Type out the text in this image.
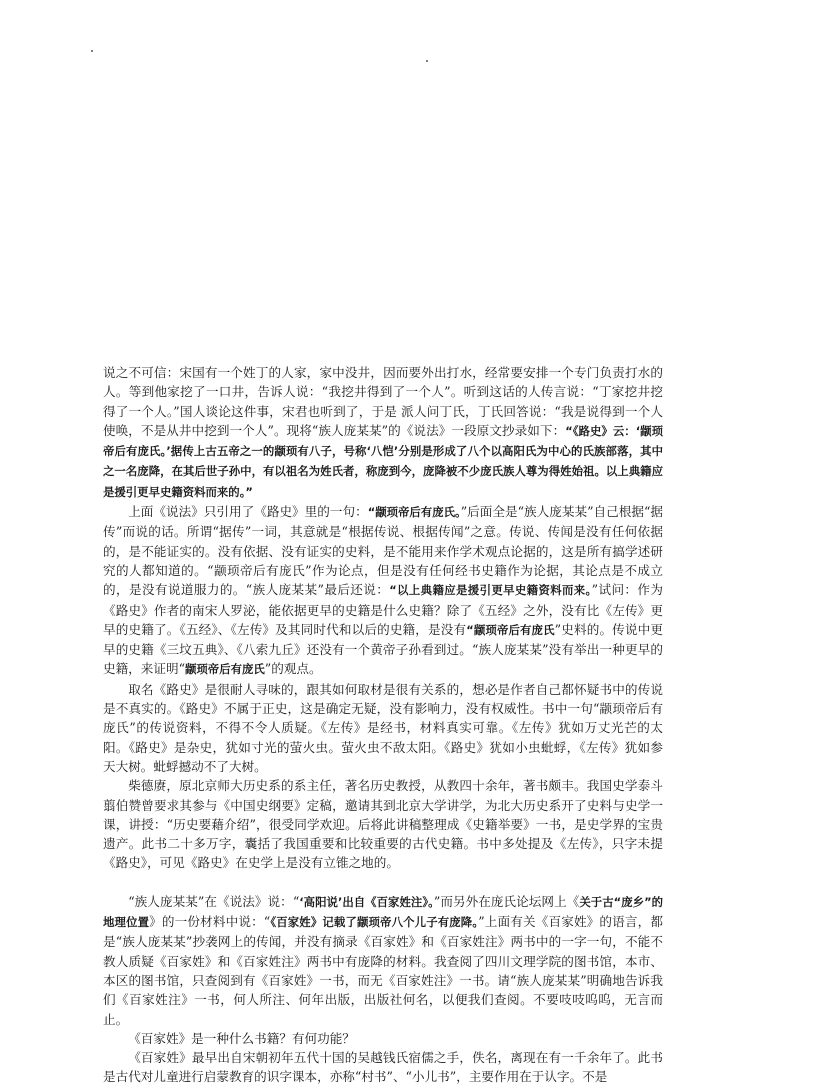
说之不可信：宋国有一个姓丁的人家，家中没井，因而要外出打水，经常要安排一个专门负责打水的人。等到他家挖了一口井，告诉人说：“我挖井得到了一个人”。听到这话的人传言说：“丁家挖井挖得了一个人。”国人谈论这件事，宋君也听到了，于是 派人问丁氏，丁氏回答说：“我是说得到一个人使唤，不是从井中挖到一个人”。现将“族人庞某某”的《说法》一段原文抄录如下：“《路史》云：‘颛顼帝后有庞氏。’据传上古五帝之一的颛顼有八子，号称‘八恺’分别是形成了八个以高阳氏为中心的氏族部落，其中之一名庞降，在其后世子孙中，有以祖名为姓氏者，称庞到今，庞降被不少庞氏族人尊为得姓始祖。以上典籍应是援引更早史籍资料而来的。”

上面《说法》只引用了《路史》里的一句：“颛顼帝后有庞氏。”后面全是“族人庞某某”自己根据“据传”而说的话。所谓“据传”一词，其意就是“根据传说、根据传闻”之意。传说、传闻是没有任何依据的，是不能证实的。没有依据、没有证实的史料，是不能用来作学术观点论据的，这是所有搞学述研究的人都知道的。“颛顼帝后有庞氏”作为论点，但是没有任何经书史籍作为论据，其论点是不成立的，是没有说道服力的。“族人庞某某”最后还说：“以上典籍应是援引更早史籍资料而来。”试问：作为《路史》作者的南宋人罗泌，能依据更早的史籍是什么史籍？除了《五经》之外，没有比《左传》更早的史籍了。《五经》、《左传》及其同时代和以后的史籍，是没有“颛顼帝后有庞氏”史料的。传说中更早的史籍《三坟五典》、《八索九丘》还没有一个黄帝子孙看到过。“族人庞某某”没有举出一种更早的史籍，来证明“颛顼帝后有庞氏”的观点。

取名《路史》是很耐人寻味的，跟其如何取材是很有关系的，想必是作者自己都怀疑书中的传说是不真实的。《路史》不属于正史，这是确定无疑，没有影响力，没有权威性。书中一句“颛顼帝后有庞氏”的传说资料，不得不令人质疑。《左传》是经书，材料真实可靠。《左传》犹如万丈光芒的太阳。《路史》是杂史，犹如寸光的萤火虫。萤火虫不敌太阳。《路史》犹如小虫蚍蜉，《左传》犹如参天大树。蚍蜉撼动不了大树。

柴德赓，原北京师大历史系的系主任，著名历史教授，从教四十余年，著书颇丰。我国史学泰斗翦伯赞曾要求其参与《中国史纲要》定稿，邀请其到北京大学讲学，为北大历史系开了史料与史学一课，讲授：“历史要藉介绍”，很受同学欢迎。后将此讲稿整理成《史籍举要》一书，是史学界的宝贵遗产。此书二十多万字，囊括了我国重要和比较重要的古代史籍。书中多处提及《左传》，只字未提《路史》，可见《路史》在史学上是没有立锥之地的。

“族人庞某某”在《说法》说：“‘高阳说’出自《百家姓注》。”而另外在庞氏论坛网上《关于古“庞乡”的地理位置》的一份材料中说：“《百家姓》记载了颛顼帝八个儿子有庞降。”上面有关《百家姓》的语言，都是“族人庞某某”抄袭网上的传闻，并没有摘录《百家姓》和《百家姓注》两书中的一字一句，不能不教人质疑《百家姓》和《百家姓注》两书中有庞降的材料。我查阅了四川文理学院的图书馆，本市、本区的图书馆，只查阅到有《百家姓》一书，而无《百家姓注》一书。请“族人庞某某”明确地告诉我们《百家姓注》一书，何人所注、何年出版，出版社何名，以便我们查阅。不要吱吱呜呜，无言而止。

《百家姓》是一种什么书籍？有何功能？

《百家姓》最早出自宋朝初年五代十国的吴越钱氏宿儒之手，佚名，离现在有一千余年了。此书是古代对儿童进行启蒙教育的识字课本，亦称“村书”、“小儿书”，主要作用在于认字。不是
